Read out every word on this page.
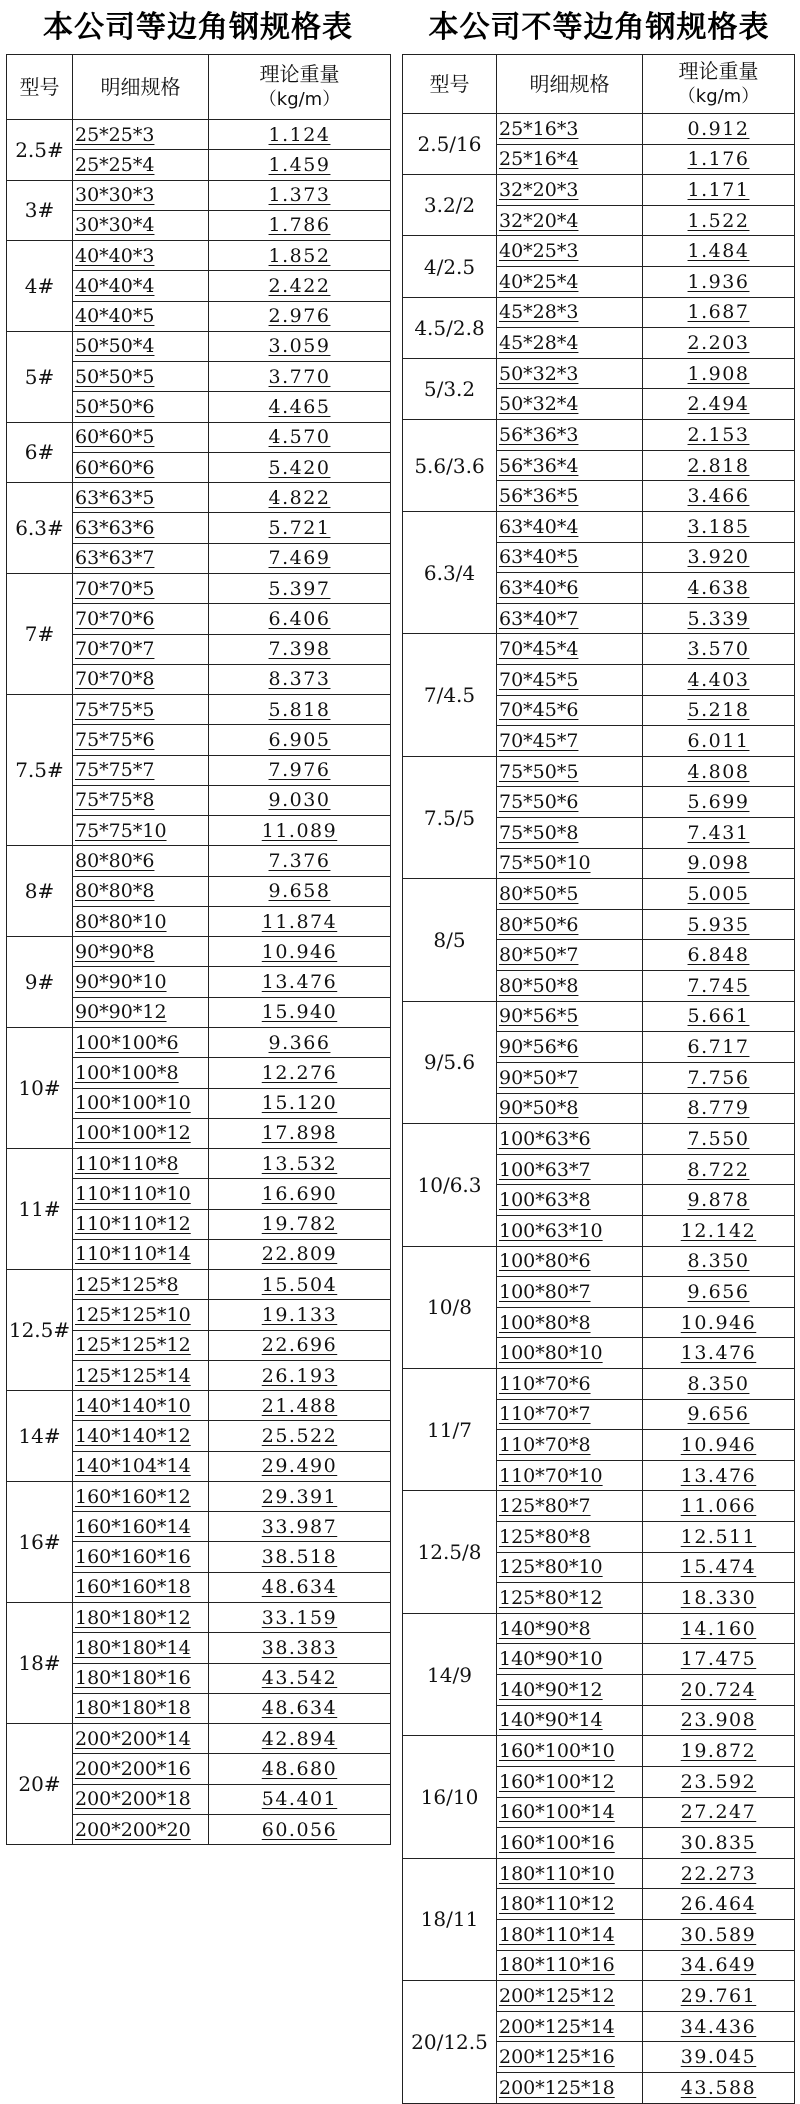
本公司等边角钢规格表	本公司不等边角钢规格表
型号	明细规格	理论重量
（kg/m）

2.5#	25*25*3	1.124
	25*25*4	1.459
3#	30*30*3	1.373
	30*30*4	1.786
4#	40*40*3	1.852
	40*40*4	2.422
	40*40*5	2.976
5#	50*50*4	3.059
	50*50*5	3.770
	50*50*6	4.465
6#	60*60*5	4.570
	60*60*6	5.420
6.3#	63*63*5	4.822
	63*63*6	5.721
	63*63*7	7.469
7#	70*70*5	5.397
	70*70*6	6.406
	70*70*7	7.398
	70*70*8	8.373
7.5#	75*75*5	5.818
	75*75*6	6.905
	75*75*7	7.976
	75*75*8	9.030
	75*75*10	11.089
8#	80*80*6	7.376
	80*80*8	9.658
	80*80*10	11.874
9#	90*90*8	10.946
	90*90*10	13.476
	90*90*12	15.940
10#	100*100*6	9.366
	100*100*8	12.276
	100*100*10	15.120
	100*100*12	17.898
11#	110*110*8	13.532
	110*110*10	16.690
	110*110*12	19.782
	110*110*14	22.809
12.5#	125*125*8	15.504
	125*125*10	19.133
	125*125*12	22.696
	125*125*14	26.193
14#	140*140*10	21.488
	140*140*12	25.522
	140*104*14	29.490
16#	160*160*12	29.391
	160*160*14	33.987
	160*160*16	38.518
	160*160*18	48.634
18#	180*180*12	33.159
	180*180*14	38.383
	180*180*16	43.542
	180*180*18	48.634
20#	200*200*14	42.894
	200*200*16	48.680
	200*200*18	54.401
	200*200*20	60.056
型号	明细规格	理论重量
（kg/m）

2.5/16	25*16*3	0.912
	25*16*4	1.176
3.2/2	32*20*3	1.171
	32*20*4	1.522
4/2.5	40*25*3	1.484
	40*25*4	1.936
4.5/2.8	45*28*3	1.687
	45*28*4	2.203
5/3.2	50*32*3	1.908
	50*32*4	2.494
5.6/3.6	56*36*3	2.153
	56*36*4	2.818
	56*36*5	3.466
6.3/4	63*40*4	3.185
	63*40*5	3.920
	63*40*6	4.638
	63*40*7	5.339
7/4.5	70*45*4	3.570
	70*45*5	4.403
	70*45*6	5.218
	70*45*7	6.011
7.5/5	75*50*5	4.808
	75*50*6	5.699
	75*50*8	7.431
	75*50*10	9.098
8/5	80*50*5	5.005
	80*50*6	5.935
	80*50*7	6.848
	80*50*8	7.745
9/5.6	90*56*5	5.661
	90*56*6	6.717
	90*50*7	7.756
	90*50*8	8.779
10/6.3	100*63*6	7.550
	100*63*7	8.722
	100*63*8	9.878
	100*63*10	12.142
10/8	100*80*6	8.350
	100*80*7	9.656
	100*80*8	10.946
	100*80*10	13.476
11/7	110*70*6	8.350
	110*70*7	9.656
	110*70*8	10.946
	110*70*10	13.476
12.5/8	125*80*7	11.066
	125*80*8	12.511
	125*80*10	15.474
	125*80*12	18.330
14/9	140*90*8	14.160
	140*90*10	17.475
	140*90*12	20.724
	140*90*14	23.908
16/10	160*100*10	19.872
	160*100*12	23.592
	160*100*14	27.247
	160*100*16	30.835
18/11	180*110*10	22.273
	180*110*12	26.464
	180*110*14	30.589
	180*110*16	34.649
20/12.5	200*125*12	29.761
	200*125*14	34.436
	200*125*16	39.045
	200*125*18	43.588
